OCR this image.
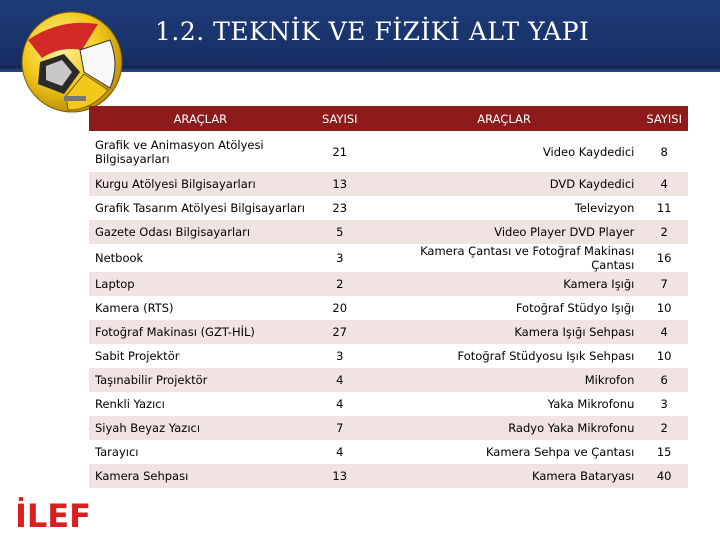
1.2. TEKNİK VE FİZİKİ ALT YAPI
ARAÇLAR	SAYISI	ARAÇLAR	SAYISI
Grafik ve Animasyon Atölyesi Bilgisayarları	21	Video Kaydedici	8
Kurgu Atölyesi Bilgisayarları	13	DVD Kaydedici	4
Grafik Tasarım Atölyesi Bilgisayarları	23	Televizyon	11
Gazete Odası Bilgisayarları	5	Video Player DVD Player	2
Netbook	3	Kamera Çantası ve Fotoğraf Makinası Çantası	16
Laptop	2	Kamera Işığı	7
Kamera (RTS)	20	Fotoğraf Stüdyo Işığı	10
Fotoğraf Makinası (GZT-HİL)	27	Kamera Işığı Sehpası	4
Sabit Projektör	3	Fotoğraf Stüdyosu Işık Sehpası	10
Taşınabilir Projektör	4	Mikrofon	6
Renkli Yazıcı	4	Yaka Mikrofonu	3
Siyah Beyaz Yazıcı	7	Radyo Yaka Mikrofonu	2
Tarayıcı	4	Kamera Sehpa ve Çantası	15
Kamera Sehpası	13	Kamera Bataryası	40
İLEF
